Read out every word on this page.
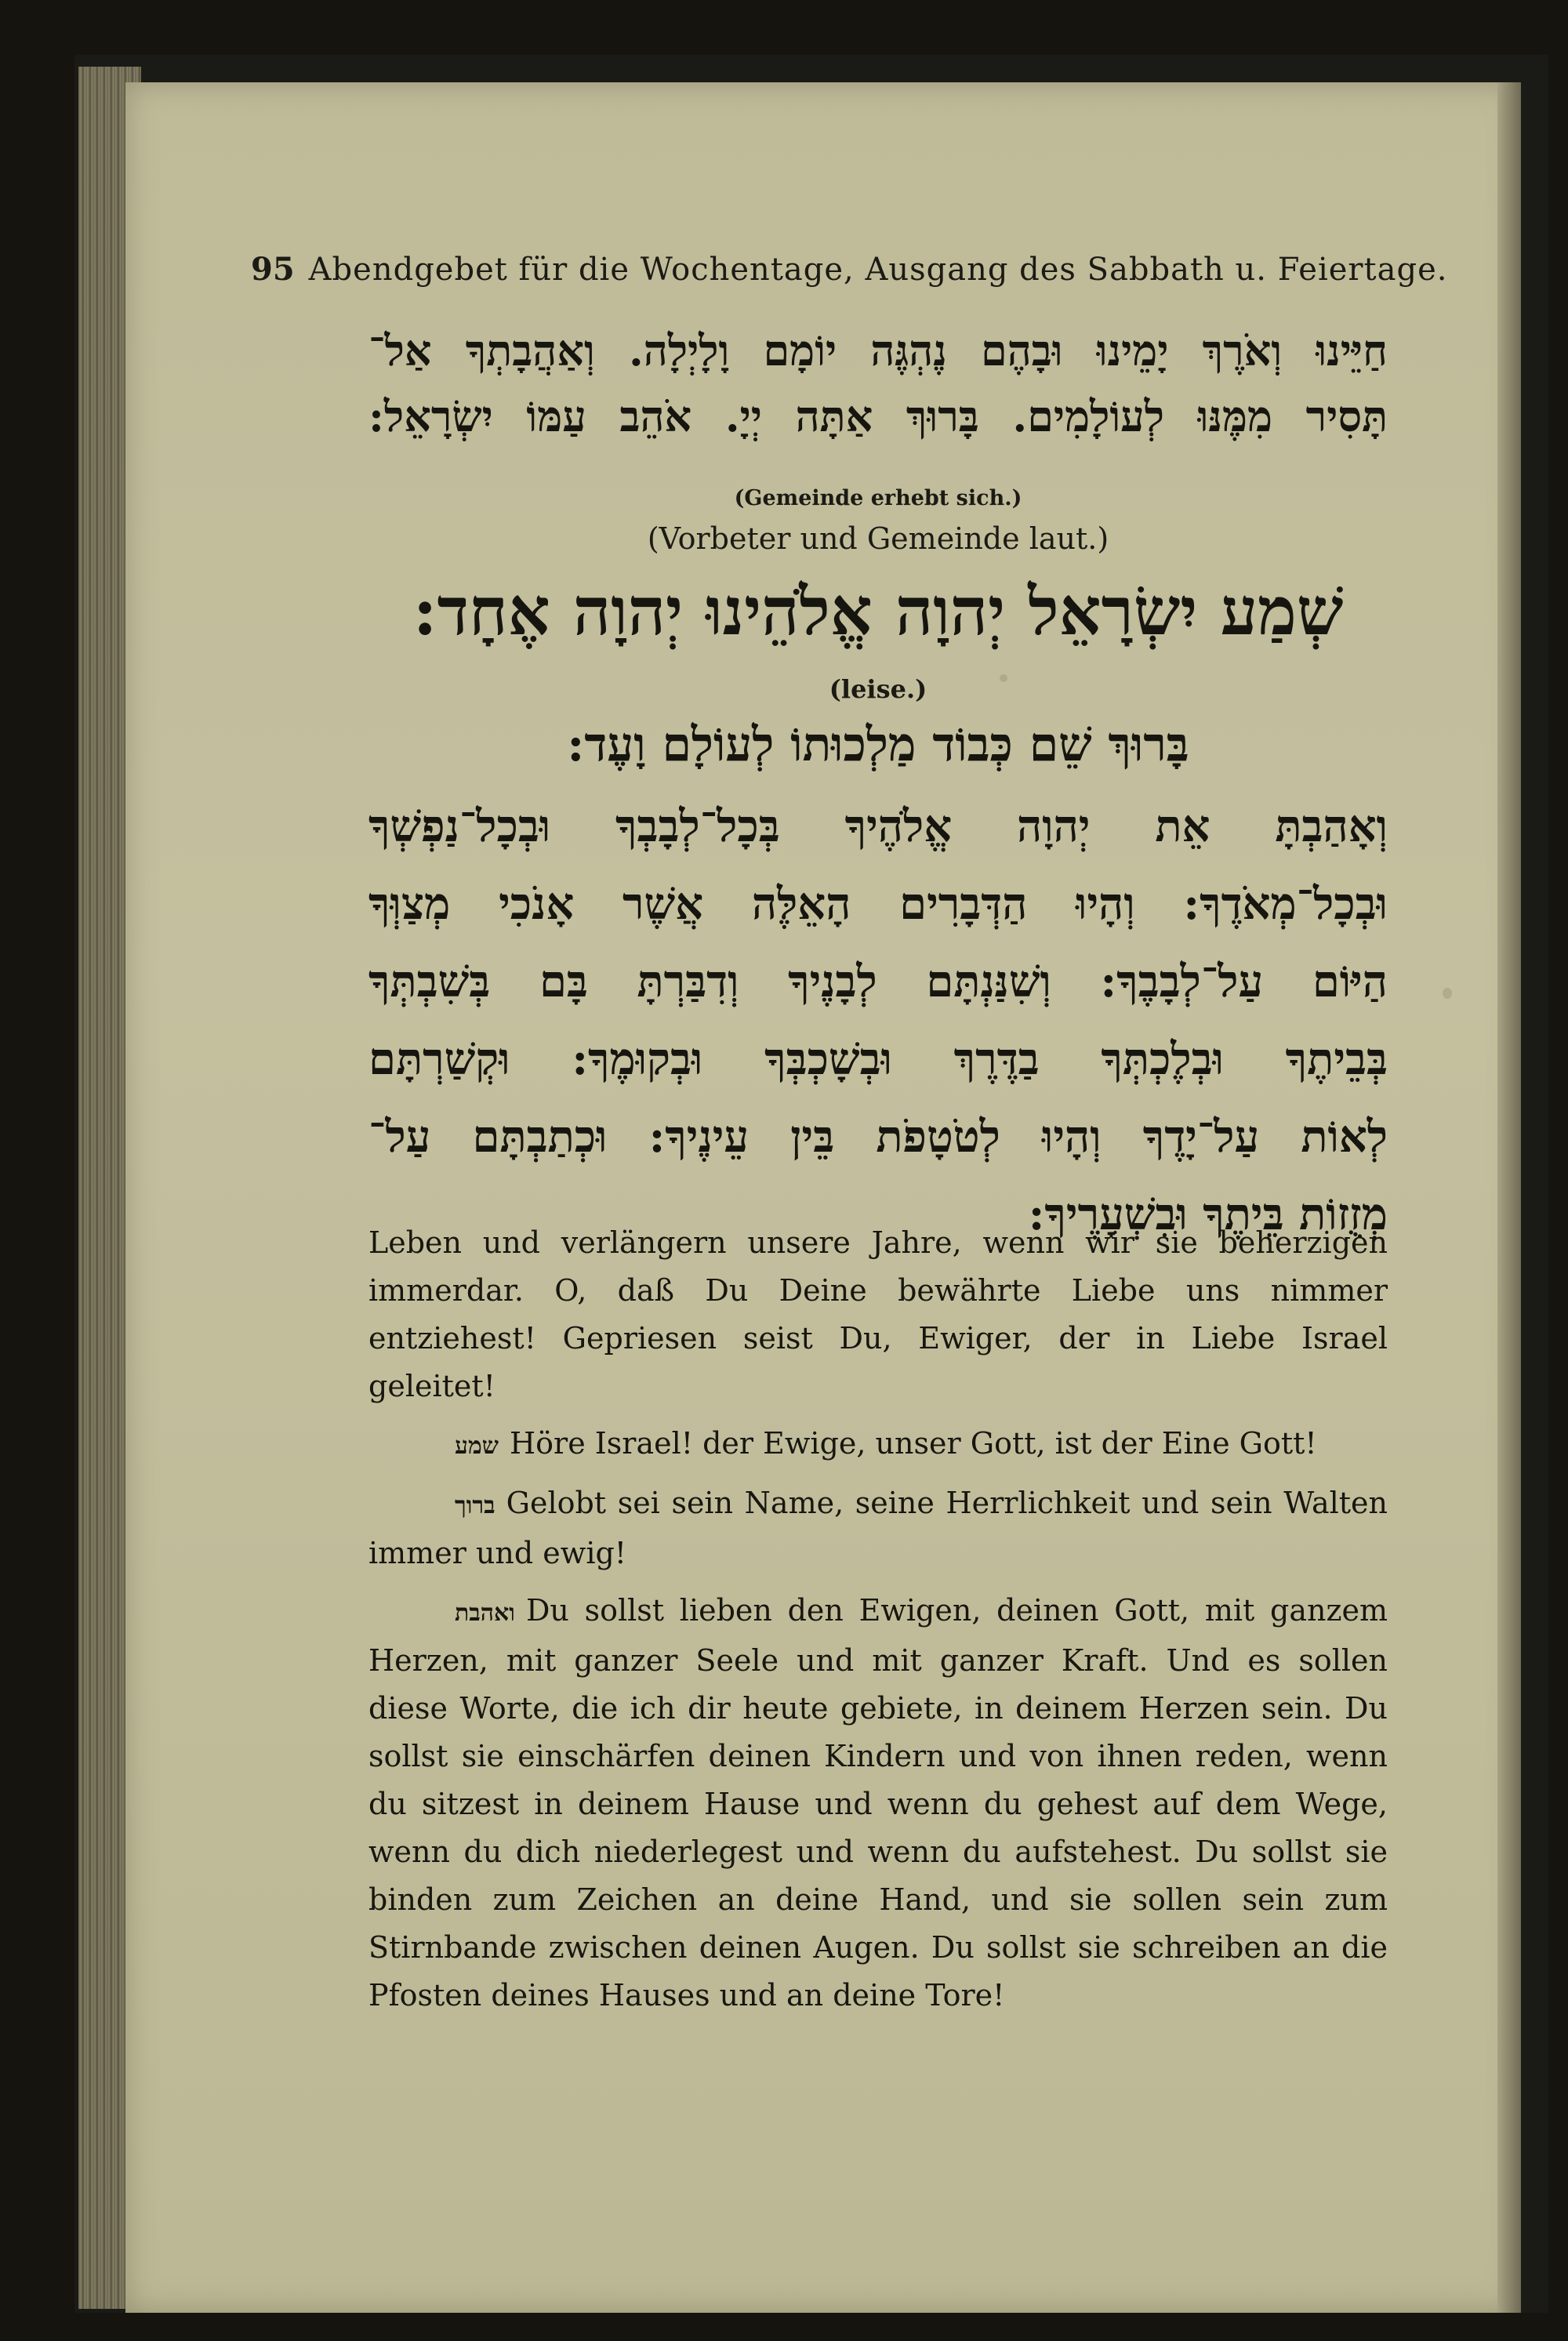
95 Abendgebet für die Wochentage, Ausgang des Sabbath u. Feiertage.
חַיֵּינוּ וְאֹרֶךְ יָמֵינוּ וּבָהֶם נֶהְגֶּה יוֹמָם וָלָיְלָה. וְאַהֲבָתְךָ אַל־
תָּסִיר מִמֶּנּוּ לְעוֹלָמִים. בָּרוּךְ אַתָּה יְיָ. אֹהֵב עַמּוֹ יִשְׂרָאֵל:
(Gemeinde erhebt sich.)
(Vorbeter und Gemeinde laut.)
שְׁמַע יִשְׂרָאֵל יְהוָה אֱלֹהֵינוּ יְהוָה אֶחָד:
(leise.)
בָּרוּךְ שֵׁם כְּבוֹד מַלְכוּתוֹ לְעוֹלָם וָעֶד:
וְאָהַבְתָּ אֵת יְהוָה אֱלֹהֶיךָ בְּכָל־לְבָבְךָ וּבְכָל־נַפְשְׁךָ
וּבְכָל־מְאֹדֶךָ: וְהָיוּ הַדְּבָרִים הָאֵלֶּה אֲשֶׁר אָנֹכִי מְצַוְּךָ
הַיּוֹם עַל־לְבָבֶךָ: וְשִׁנַּנְתָּם לְבָנֶיךָ וְדִבַּרְתָּ בָּם בְּשִׁבְתְּךָ
בְּבֵיתֶךָ וּבְלֶכְתְּךָ בַדֶּרֶךְ וּבְשָׁכְבְּךָ וּבְקוּמֶךָ: וּקְשַׁרְתָּם
לְאוֹת עַל־יָדֶךָ וְהָיוּ לְטֹטָפֹת בֵּין עֵינֶיךָ: וּכְתַבְתָּם עַל־
מְזֻזוֹת בֵּיתֶךָ וּבִשְׁעָרֶיךָ:

Leben und verlängern unsere Jahre, wenn wir sie beherzigen immerdar. O, daß Du Deine bewährte Liebe uns nimmer entziehest! Gepriesen seist Du, Ewiger, der in Liebe Israel geleitet!

שמע Höre Israel! der Ewige, unser Gott, ist der Eine Gott!

ברוך Gelobt sei sein Name, seine Herrlichkeit und sein Walten immer und ewig!

ואהבת Du sollst lieben den Ewigen, deinen Gott, mit ganzem Herzen, mit ganzer Seele und mit ganzer Kraft. Und es sollen diese Worte, die ich dir heute gebiete, in deinem Herzen sein. Du sollst sie einschärfen deinen Kindern und von ihnen reden, wenn du sitzest in deinem Hause und wenn du gehest auf dem Wege, wenn du dich niederlegest und wenn du aufstehest. Du sollst sie binden zum Zeichen an deine Hand, und sie sollen sein zum Stirnbande zwischen deinen Augen. Du sollst sie schreiben an die Pfosten deines Hauses und an deine Tore!
